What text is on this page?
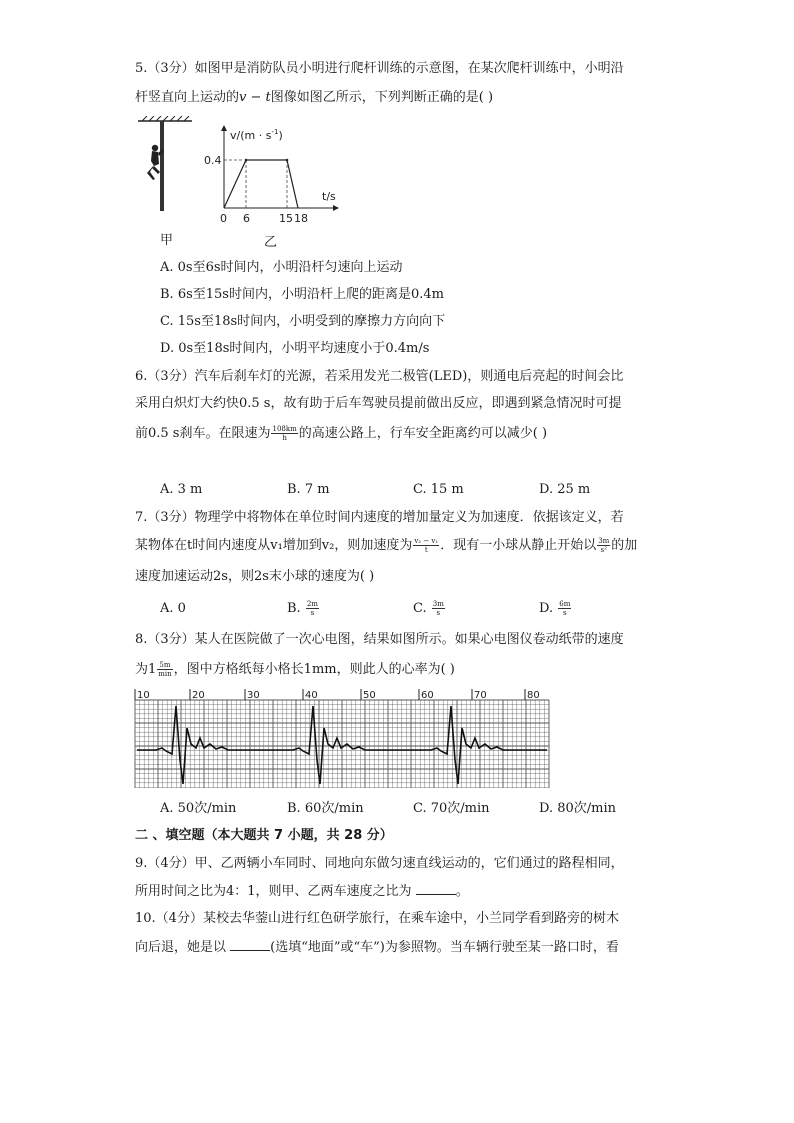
5.（3分）如图甲是消防队员小明进行爬杆训练的示意图，在某次爬杆训练中，小明沿
杆竖直向上运动的v − t图像如图乙所示，下列判断正确的是( )
甲
$v/(m \cdot s^{-1})$
t/s
0.4
0 6	15 18
乙
A. 0s至6s时间内，小明沿杆匀速向上运动
B. 6s至15s时间内，小明沿杆上爬的距离是0.4m
C. 15s至18s时间内，小明受到的摩擦力方向向下
D. 0s至18s时间内，小明平均速度小于0.4m/s
6.（3分）汽车后刹车灯的光源，若采用发光二极管(LED)，则通电后亮起的时间会比
采用白炽灯大约快0.5 s，故有助于后车驾驶员提前做出反应，即遇到紧急情况时可提
前0.5 s刹车。在限速为 $\frac{108km}{h}$ 的高速公路上，行车安全距离约可以减少( )
A. 3 m	B. 7 m	C. 15 m	D. 25 m
7.（3分）物理学中将物体在单位时间内速度的增加量定义为加速度．依据该定义，若
某物体在t时间内速度从v₁增加到v₂，则加速度为 $\frac{\text{v₂ − v₁}}{t}$ ．现有一小球从静止开始以 $\frac{3m}{\text{s²}}$ 的加
速度加速运动2s，则2s末小球的速度为( )
A. 0	B. $\frac{2m}{s}$	C. $\frac{3m}{s}$	D. $\frac{6m}{s}$
8.（3分）某人在医院做了一次心电图，结果如图所示。如果心电图仪卷动纸带的速度
为$1 \frac{5m}{\min}$ ，图中方格纸每小格长1mm，则此人的心率为( )
10	20	30	40	50	60	70	80
A. 50次/min	B. 60次/min	C. 70次/min	D. 80次/min
二 、填空题（本大题共 7 小题，共 28 分）
9.（4分）甲、乙两辆小车同时、同地向东做匀速直线运动的，它们通过的路程相同，
所用时间之比为4：1，则甲、乙两车速度之比为	。
10.（4分）某校去华蓥山进行红色研学旅行，在乘车途中，小兰同学看到路旁的树木
向后退，她是以	(选填“地面”或“车”)为参照物。当车辆行驶至某一路口时，看
